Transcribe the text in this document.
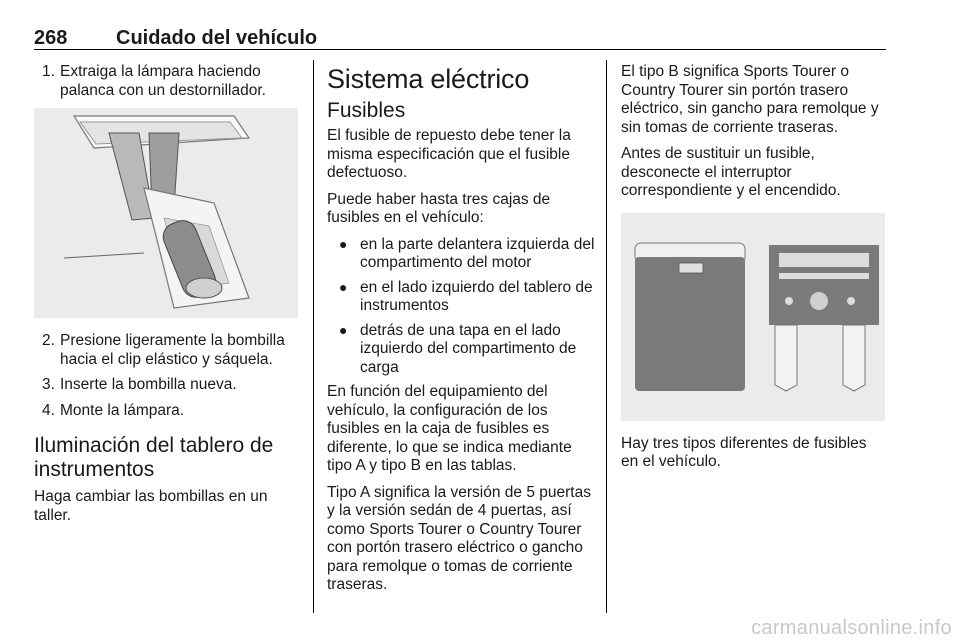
268 Cuidado del vehículo
1. Extraiga la lámpara haciendo palanca con un destornillador.
2. Presione ligeramente la bombilla hacia el clip elástico y sáquela.
3. Inserte la bombilla nueva.
4. Monte la lámpara.
Iluminación del tablero de instrumentos

Haga cambiar las bombillas en un taller.

Sistema eléctrico
Fusibles

El fusible de repuesto debe tener la misma especificación que el fusible defectuoso.

Puede haber hasta tres cajas de fusibles en el vehículo:

● en la parte delantera izquierda del compartimento del motor
● en el lado izquierdo del tablero de instrumentos
● detrás de una tapa en el lado izquierdo del compartimento de carga

En función del equipamiento del vehículo, la configuración de los fusibles en la caja de fusibles es diferente, lo que se indica mediante tipo A y tipo B en las tablas.

Tipo A significa la versión de 5 puertas y la versión sedán de 4 puertas, así como Sports Tourer o Country Tourer con portón trasero eléctrico o gancho para remolque o tomas de corriente traseras.

El tipo B significa Sports Tourer o Country Tourer sin portón trasero eléctrico, sin gancho para remolque y sin tomas de corriente traseras.

Antes de sustituir un fusible, desconecte el interruptor correspondiente y el encendido.

Hay tres tipos diferentes de fusibles en el vehículo.

carmanualsonline.info
